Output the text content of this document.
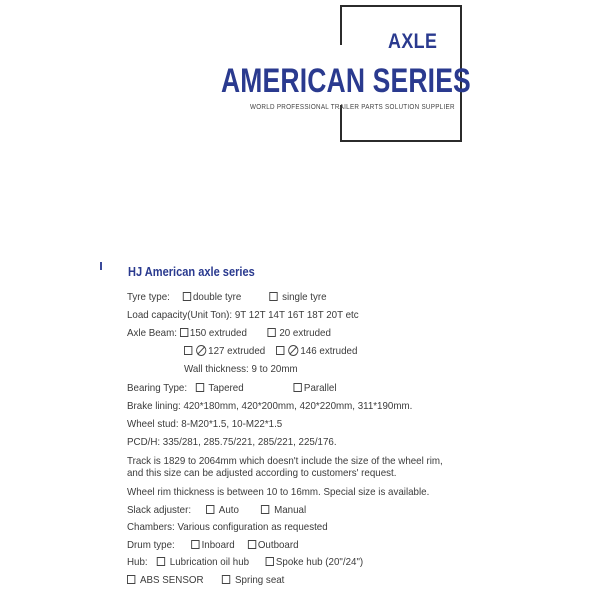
AXLE
AMERICAN SERIES
WORLD PROFESSIONAL TRAILER PARTS SOLUTION SUPPLIER
HJ American axle series
Tyre type: double tyre	single tyre
Load capacity(Unit Ton): 9T 12T 14T 16T 18T 20T etc
Axle Beam: 150 extruded	20 extruded
127 extruded	146 extruded
Wall thickness: 9 to 20mm
Bearing Type: Tapered	Parallel
Brake lining: 420*180mm, 420*200mm, 420*220mm, 311*190mm.
Wheel stud: 8-M20*1.5, 10-M22*1.5
PCD/H: 335/281, 285.75/221, 285/221, 225/176.
Track is 1829 to 2064mm which doesn't include the size of the wheel rim,
and this size can be adjusted according to customers' request.
Wheel rim thickness is between 10 to 16mm. Special size is available.
Slack adjuster:	Auto	Manual
Chambers: Various configuration as requested
Drum type:	Inboard Outboard
Hub: Lubrication oil hub	Spoke hub (20"/24")
ABS SENSOR	Spring seat
